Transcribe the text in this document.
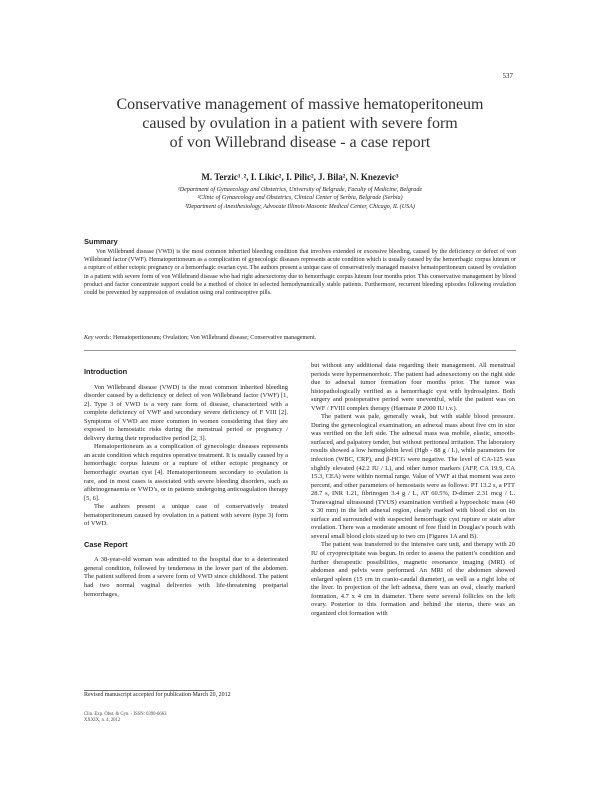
537
Conservative management of massive hematoperitoneum
caused by ovulation in a patient with severe form
of von Willebrand disease - a case report
M. Terzic¹˒², I. Likic², I. Pilic², J. Bila², N. Knezevic³
¹Department of Gynaecology and Obstetrics, University of Belgrade, Faculty of Medicine, Belgrade
²Clinic of Gynaecology and Obstetrics, Clinical Center of Serbia, Belgrade (Serbia)
³Department of Anesthesiology, Advocate Illinois Masonic Medical Center, Chicago, IL (USA)
Summary

Von Willebrand disease (VWD) is the most common inherited bleeding condition that involves extended or excessive bleeding, caused by the deficiency or defect of von Willebrand factor (VWF). Hematoperitoneum as a complication of gynecologic diseases represents acute condition which is usually caused by the hemorrhagic corpus luteum or a rupture of either ectopic pregnancy or a hemorrhagic ovarian cyst. The authors present a unique case of conservatively managed massive hematoperitoneum caused by ovulation in a patient with severe form of von Willebrand disease who had right adnexectomy due to hemorrhagic corpus luteum four months prior. This conservative management by blood product and factor concentrate support could be a method of choice in selected hemodynamically stable patients. Furthermore, recurrent bleeding episodes following ovulation could be prevented by suppression of ovulation using oral contraceptive pills.

Key words: Hematoperitoneum; Ovulation; Von Willebrand disease; Conservative management.
Introduction

Von Willebrand disease (VWD) is the most common inherited bleeding disorder caused by a deficiency or defect of von Willebrand factor (VWF) [1, 2]. Type 3 of VWD is a very rare form of disease, characterized with a complete deficiency of VWF and secondary severe deficiency of F VIII [2]. Symptoms of VWD are more common in women considering that they are exposed to hemostatic risks during the menstrual period or pregnancy / delivery during their reproductive period [2, 3].

Hematoperitoneum as a complication of gynecologic diseases represents an acute condition which requires operative treatment. It is usually caused by a hemorrhagic corpus luteum or a rupture of either ectopic pregnancy or hemorrhagic ovarian cyst [4]. Hematoperitoneum secondary to ovulation is rare, and in most cases is associated with severe bleeding disorders, such as afibrinogenaemia or VWD’s, or in patients undergoing anticoagulation therapy [5, 6].

The authors present a unique case of conservatively treated hematoperitoneum caused by ovulation in a patient with severe (type 3) form of VWD.

Case Report

A 38-year-old woman was admitted to the hospital due to a deteriorated general condition, followed by tenderness in the lower part of the abdomen. The patient suffered from a severe form of VWD since childhood. The patient had two normal vaginal deliveries with life-threatening postpartal hemorrhages,

but without any additional data regarding their management. All menstrual periods were hypermenorrhoic. The patient had adnexectomy on the right side due to adnexal tumor formation four months prior. The tumor was histopathologically verified as a hemorrhagic cyst with hydrosalpinx. Both surgery and postoperative period were uneventful, while the patient was on VWF / FVIII complex therapy (Haemate P 2000 IU i.v.).

The patient was pale, generally weak, but with stable blood pressure. During the gynecological examination, an adnexal mass about five cm in size was verified on the left side. The adnexal mass was mobile, elastic, smooth-surfaced, and palpatory tender, but without peritoneal irritation. The laboratory results showed a low hemoglobin level (Hgb - 88 g / L), while parameters for infection (WBC, CRP), and β-HCG were negative. The level of CA-125 was slightly elevated (42.2 IU / L), and other tumor markers (AFP, CA 19.9, CA 15.3, CEA) were within normal range. Value of VWF at that moment was zero percent, and other parameters of hemostasis were as follows: PT 13.2 s, a PTT 28.7 s, INR 1.21, fibrinogen 3.4 g / L, AT 60.5%, D-dimer 2.31 mcg / L. Transvaginal ultrasound (TVUS) examination verified a hypoechoic mass (40 x 30 mm) in the left adnexal region, clearly marked with blood clot on its surface and surrounded with suspected hemorrhagic cyst rupture or state after ovulation. There was a moderate amount of free fluid in Douglas’s pouch with several small blood clots sized up to two cm (Figures 1A and B).

The patient was transferred to the intensive care unit, and therapy with 20 IU of cryoprecipitate was begun. In order to assess the patient’s condition and further therapeutic possibilities, magnetic resonance imaging (MRI) of abdomen and pelvis were performed. An MRI of the abdomen showed enlarged spleen (15 cm in cranio-caudal diameter), as well as a right lobe of the liver. In projection of the left adnexa, there was an oval, clearly marked formation, 4.7 x 4 cm in diameter. There were several follicles on the left ovary. Posterior to this formation and behind the uterus, there was an organized clot formation with

Revised manuscript accepted for publication March 20, 2012
Clin. Exp. Obst. & Gyn. - ISSN: 0390-6663
XXXIX, n. 4, 2012
